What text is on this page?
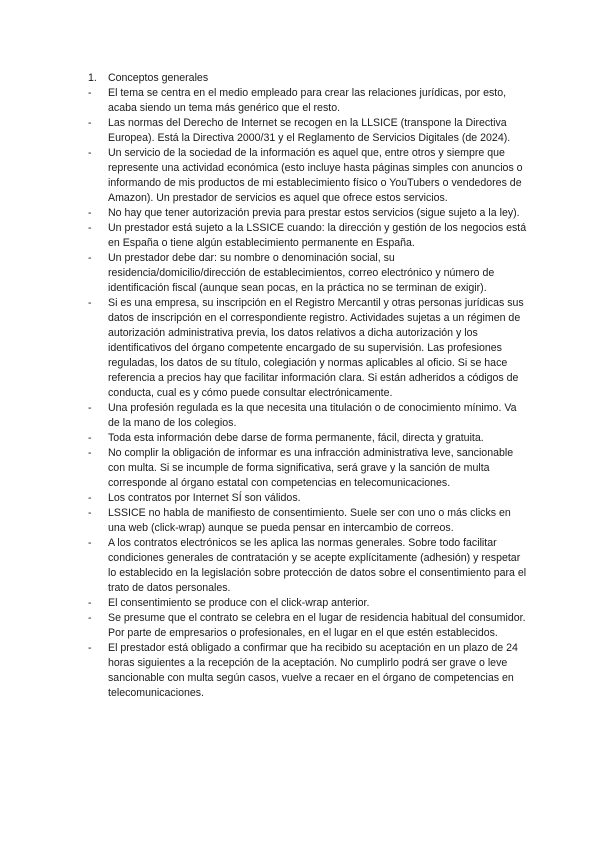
1. Conceptos generales
- El tema se centra en el medio empleado para crear las relaciones jurídicas, por esto, acaba siendo un tema más genérico que el resto.
- Las normas del Derecho de Internet se recogen en la LLSICE (transpone la Directiva Europea). Está la Directiva 2000/31 y el Reglamento de Servicios Digitales (de 2024).
- Un servicio de la sociedad de la información es aquel que, entre otros y siempre que represente una actividad económica (esto incluye hasta páginas simples con anuncios o informando de mis productos de mi establecimiento físico o YouTubers o vendedores de Amazon). Un prestador de servicios es aquel que ofrece estos servicios.
- No hay que tener autorización previa para prestar estos servicios (sigue sujeto a la ley).
- Un prestador está sujeto a la LSSICE cuando: la dirección y gestión de los negocios está en España o tiene algún establecimiento permanente en España.
- Un prestador debe dar: su nombre o denominación social, su residencia/domicilio/dirección de establecimientos, correo electrónico y número de identificación fiscal (aunque sean pocas, en la práctica no se terminan de exigir).
- Si es una empresa, su inscripción en el Registro Mercantil y otras personas jurídicas sus datos de inscripción en el correspondiente registro. Actividades sujetas a un régimen de autorización administrativa previa, los datos relativos a dicha autorización y los identificativos del órgano competente encargado de su supervisión. Las profesiones reguladas, los datos de su título, colegiación y normas aplicables al oficio. Si se hace referencia a precios hay que facilitar información clara. Si están adheridos a códigos de conducta, cual es y cómo puede consultar electrónicamente.
- Una profesión regulada es la que necesita una titulación o de conocimiento mínimo. Va de la mano de los colegios.
- Toda esta información debe darse de forma permanente, fácil, directa y gratuita.
- No complir la obligación de informar es una infracción administrativa leve, sancionable con multa. Si se incumple de forma significativa, será grave y la sanción de multa corresponde al órgano estatal con competencias en telecomunicaciones.
- Los contratos por Internet SÍ son válidos.
- LSSICE no habla de manifiesto de consentimiento. Suele ser con uno o más clicks en una web (click-wrap) aunque se pueda pensar en intercambio de correos.
- A los contratos electrónicos se les aplica las normas generales. Sobre todo facilitar condiciones generales de contratación y se acepte explícitamente (adhesión) y respetar lo establecido en la legislación sobre protección de datos sobre el consentimiento para el trato de datos personales.
- El consentimiento se produce con el click-wrap anterior.
- Se presume que el contrato se celebra en el lugar de residencia habitual del consumidor. Por parte de empresarios o profesionales, en el lugar en el que estén establecidos.
- El prestador está obligado a confirmar que ha recibido su aceptación en un plazo de 24 horas siguientes a la recepción de la aceptación. No cumplirlo podrá ser grave o leve sancionable con multa según casos, vuelve a recaer en el órgano de competencias en telecomunicaciones.
